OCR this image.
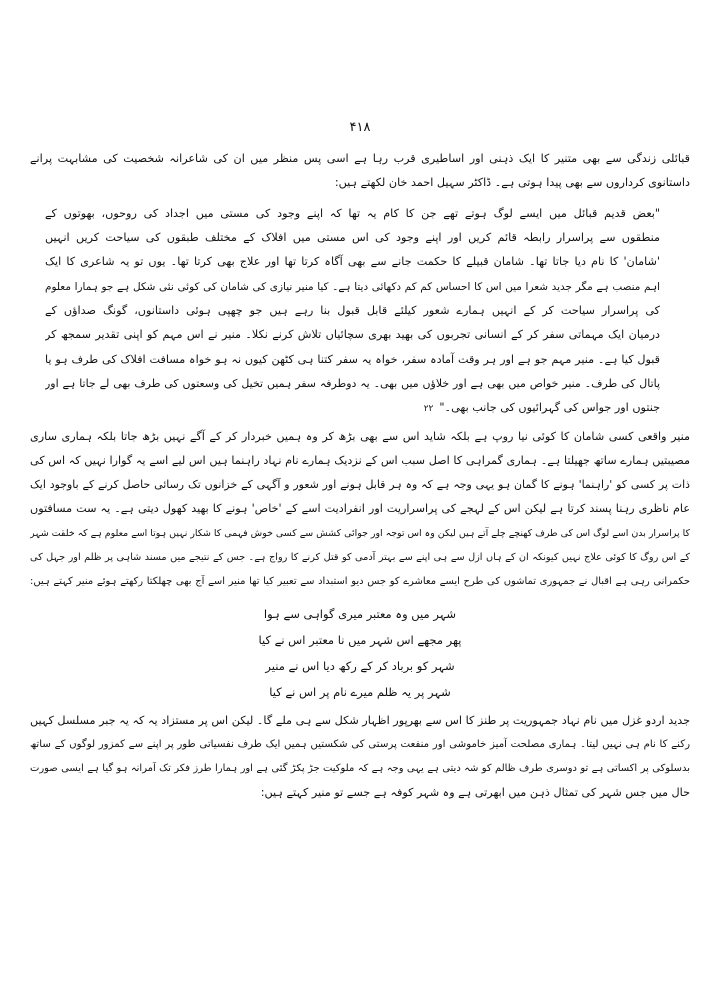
۴۱۸
قبائلی زندگی سے بھی متنیر کا ایک ذہنی اور اساطیری قرب رہا ہے اسی پس منظر میں ان کی شاعرانہ شخصیت کی مشابہت پرانے
داستانوی کرداروں سے بھی پیدا ہوتی ہے۔ ڈاکٹر سہیل احمد خان لکھتے ہیں:
"بعض قدیم قبائل میں ایسے لوگ ہوتے تھے جن کا کام یہ تھا کہ اپنے وجود کی مستی میں اجداد کی روحوں، بھوتوں کے
منطقوں سے پراسرار رابطہ قائم کریں اور اپنے وجود کی اس مستی میں افلاک کے مختلف طبقوں کی سیاحت کریں انہیں
'شامان' کا نام دیا جاتا تھا۔ شامان قبیلے کا حکمت جانے سے بھی آگاہ کرتا تھا اور علاج بھی کرتا تھا۔ یوں تو یہ شاعری کا ایک
اہم منصب ہے مگر جدید شعرا میں اس کا احساس کم کم دکھائی دیتا ہے۔ کیا منیر نیازی کی شامان کی کوئی نئی شکل ہے جو ہمارا معلوم
کی پراسرار سیاحت کر کے انہیں ہمارے شعور کیلئے قابل قبول بنا رہے ہیں جو چھپی ہوئی داستانوں، گونگ صداؤں کے
درمیان ایک مہماتی سفر کر کے انسانی تجربوں کی بھید بھری سچائیاں تلاش کرنے نکلا۔ منیر نے اس مہم کو اپنی تقدیر سمجھ کر
قبول کیا ہے۔ منیر مہم جو ہے اور ہر وقت آمادہ سفر، خواہ یہ سفر کتنا ہی کٹھن کیوں نہ ہو خواہ مسافت افلاک کی طرف ہو یا
پاتال کی طرف۔ منیر خواص میں بھی ہے اور خلاؤں میں بھی۔ یہ دوطرفہ سفر ہمیں تخیل کی وسعتوں کی طرف بھی لے جاتا ہے اور
جنتوں اور جواس کی گہرائیوں کی جانب بھی۔"۲۲
منیر واقعی کسی شامان کا کوئی نیا روپ ہے بلکہ شاید اس سے بھی بڑھ کر وہ ہمیں خبردار کر کے آگے نہیں بڑھ جاتا بلکہ ہماری ساری
مصیبتیں ہمارے ساتھ جھیلتا ہے۔ ہماری گمراہی کا اصل سبب اس کے نزدیک ہمارے نام نہاد راہنما ہیں اس لیے اسے یہ گوارا نہیں کہ اس کی
ذات پر کسی کو 'راہنما' ہونے کا گمان ہو یہی وجہ ہے کہ وہ ہر قابل ہونے اور شعور و آگہی کے خزانوں تک رسائی حاصل کرنے کے باوجود ایک
عام ناظری رہنا پسند کرتا ہے لیکن اس کے لہجے کی پراسراریت اور انفرادیت اسے کے 'خاص' ہونے کا بھید کھول دیتی ہے۔ یہ ست مسافتوں
کا پراسرار بدن اسے لوگ اس کی طرف کھنچے چلے آتے ہیں لیکن وہ اس توجہ اور جوائی کشش سے کسی خوش فہمی کا شکار نہیں ہوتا اسے معلوم ہے کہ خلقت شہر
کے اس روگ کا کوئی علاج نہیں کیونکہ ان کے ہاں ازل سے ہی اپنے سے بہتر آدمی کو قتل کرنے کا رواج ہے۔ جس کے نتیجے میں مسند شاہی پر ظلم اور جہل کی
حکمرانی رہی ہے اقبال نے جمہوری تماشوں کی طرح ایسے معاشرے کو جس دیو استبداد سے تعبیر کیا تھا منیر اسے آج بھی چھلکتا رکھتے ہوئے منیر کہتے ہیں:
شہر میں وہ معتبر میری گواہی سے ہوا
پھر مجھے اس شہر میں نا معتبر اس نے کیا
شہر کو برباد کر کے رکھ دیا اس نے منیر
شہر پر یہ ظلم میرے نام پر اس نے کیا
جدید اردو غزل میں نام نہاد جمہوریت پر طنز کا اس سے بھرپور اظہار شکل سے ہی ملے گا۔ لیکن اس پر مستزاد یہ کہ یہ جبر مسلسل کہیں
رکنے کا نام ہی نہیں لیتا۔ ہماری مصلحت آمیز خاموشی اور منفعت پرستی کی شکستیں ہمیں ایک طرف نفسیاتی طور پر اپنے سے کمزور لوگوں کے ساتھ
بدسلوکی پر اکساتی ہے تو دوسری طرف ظالم کو شہ دیتی ہے یہی وجہ ہے کہ ملوکیت جڑ پکڑ گئی ہے اور ہمارا طرز فکر تک آمرانہ ہو گیا ہے ایسی صورت
حال میں جس شہر کی تمثال ذہن میں ابھرتی ہے وہ شہر کوفہ ہے جسے تو منیر کہتے ہیں:
